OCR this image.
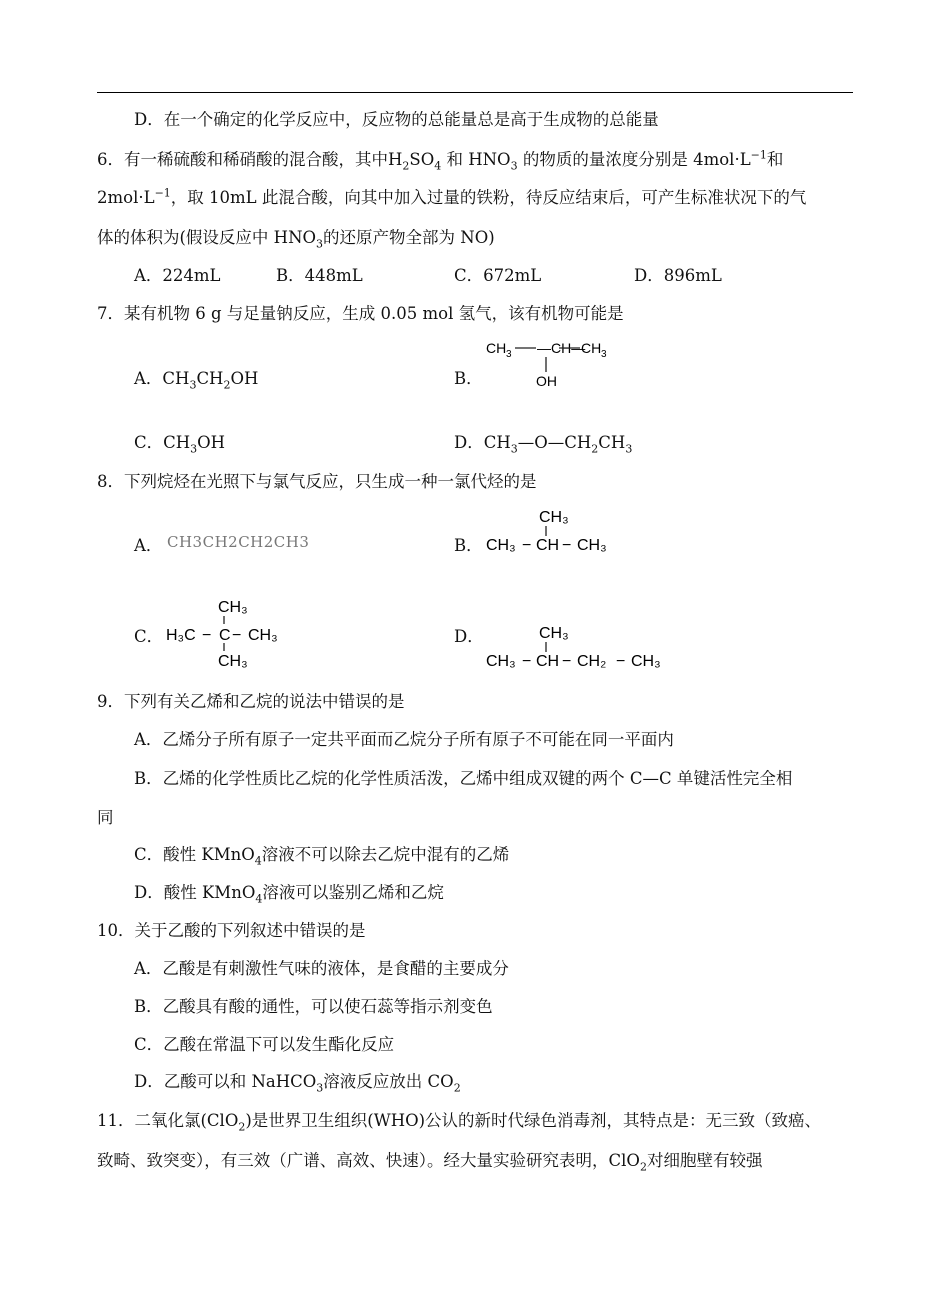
D．在一个确定的化学反应中，反应物的总能量总是高于生成物的总能量
6．有一稀硫酸和稀硝酸的混合酸，其中$H_2SO_4$ 和 $HNO_3$ 的物质的量浓度分别是 $4mol\cdot L^{-1}$和
$2mol\cdot L^{-1}$，取 10mL 此混合酸，向其中加入过量的铁粉，待反应结束后，可产生标准状况下的气
体的体积为(假设反应中 $HNO_3$的还原产物全部为 NO)
A．224mL	B．448mL	C．672mL	D．896mL
7．某有机物 6 g 与足量钠反应，生成 0.05 mol 氢气，该有机物可能是
A．$CH_3CH_2OH$	B．
CH 3 —CH—
CH 3
OH
C．$CH_3OH$	D．$CH_3—O—CH_2CH_3$
8．下列烷烃在光照下与氯气反应，只生成一种一氯代烃的是
A． CH3CH2CH2CH3	B．
CH₃
CH₃ − CH − CH₃
C．
CH₃
H₃C − C − CH₃
CH₃
D．	CH₃
CH₃ − CH − CH₂ − CH₃
9．下列有关乙烯和乙烷的说法中错误的是
A．乙烯分子所有原子一定共平面而乙烷分子所有原子不可能在同一平面内
B．乙烯的化学性质比乙烷的化学性质活泼，乙烯中组成双键的两个 C—C 单键活性完全相
同
C．酸性 KMnO$_4$溶液不可以除去乙烷中混有的乙烯
D．酸性 KMnO$_4$溶液可以鉴别乙烯和乙烷
10．关于乙酸的下列叙述中错误的是
A．乙酸是有刺激性气味的液体，是食醋的主要成分
B．乙酸具有酸的通性，可以使石蕊等指示剂变色
C．乙酸在常温下可以发生酯化反应
D．乙酸可以和 NaHCO$_3$溶液反应放出 $CO_2$
11．二氧化氯(ClO$_2$)是世界卫生组织(WHO)公认的新时代绿色消毒剂，其特点是：无三致（致癌、
致畸、致突变），有三效（广谱、高效、快速）。经大量实验研究表明，ClO$_2$对细胞壁有较强
